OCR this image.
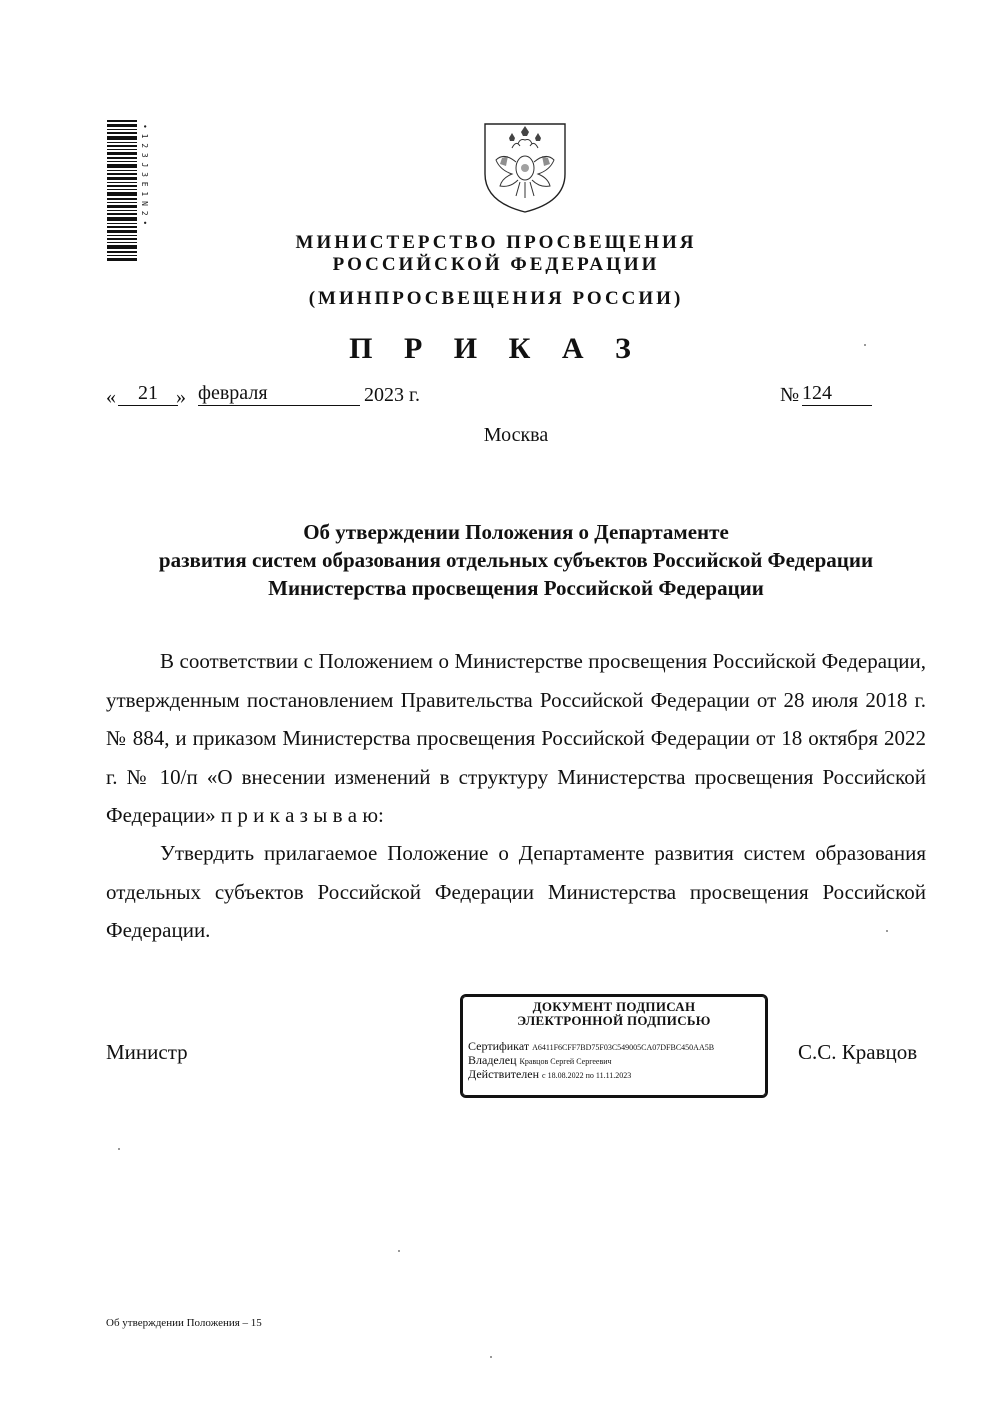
• 1 2 3 J 3 E 1 N 2 •
МИНИСТЕРСТВО ПРОСВЕЩЕНИЯ
РОССИЙСКОЙ ФЕДЕРАЦИИ
(МИНПРОСВЕЩЕНИЯ РОССИИ)
П Р И К А З
«	21 » февраля	2023 г.	№ 124
Москва
Об утверждении Положения о Департаменте
развития систем образования отдельных субъектов Российской Федерации
Министерства просвещения Российской Федерации
В соответствии с Положением о Министерстве просвещения Российской Федерации, утвержденным постановлением Правительства Российской Федерации от 28 июля 2018 г. № 884, и приказом Министерства просвещения Российской Федерации от 18 октября 2022 г. № 10/п «О внесении изменений в структуру Министерства просвещения Российской Федерации» п р и к а з ы в а ю:
Утвердить прилагаемое Положение о Департаменте развития систем образования отдельных субъектов Российской Федерации Министерства просвещения Российской Федерации.
Министр
ДОКУМЕНТ ПОДПИСАН
ЭЛЕКТРОННОЙ ПОДПИСЬЮ
Сертификат A6411F6CFF7BD75F03C549005CA07DFBC450AA5B
Владелец Кравцов Сергей Сергеевич
Действителен с 18.08.2022 по 11.11.2023
С.С. Кравцов
Об утверждении Положения – 15
